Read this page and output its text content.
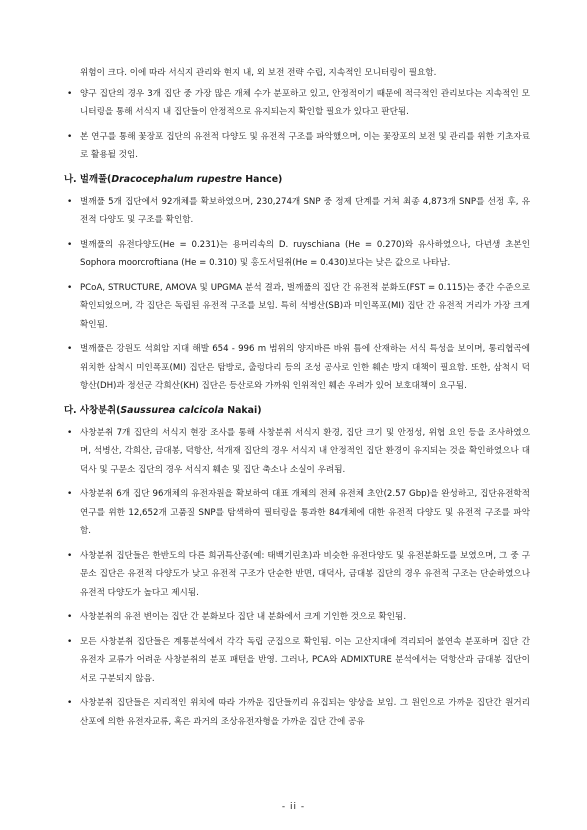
위험이 크다. 이에 따라 서식지 관리와 현지 내, 외 보전 전략 수립, 지속적인 모니터링이 필요함.

• 양구 집단의 경우 3개 집단 중 가장 많은 개체 수가 분포하고 있고, 안정적이기 때문에 적극적인 관리보다는 지속적인 모니터링을 통해 서식지 내 집단들이 안정적으로 유지되는지 확인할 필요가 있다고 판단됨.
• 본 연구를 통해 꽃장포 집단의 유전적 다양도 및 유전적 구조를 파악했으며, 이는 꽃장포의 보전 및 관리를 위한 기초자료로 활용될 것임.
나. 벌깨풀(Dracocephalum rupestre Hance)
• 벌깨풀 5개 집단에서 92개체를 확보하였으며, 230,274개 SNP 중 정제 단계를 거쳐 최종 4,873개 SNP를 선정 후, 유전적 다양도 및 구조를 확인함.
• 벌깨풀의 유전다양도(He = 0.231)는 용머리속의 D. ruyschiana (He = 0.270)와 유사하였으나, 다년생 초본인 Sophora moorcroftiana (He = 0.310) 및 홍도서덜취(He = 0.430)보다는 낮은 값으로 나타남.
• PCoA, STRUCTURE, AMOVA 및 UPGMA 분석 결과, 벌깨풀의 집단 간 유전적 분화도(FST = 0.115)는 중간 수준으로 확인되었으며, 각 집단은 독립된 유전적 구조를 보임. 특히 석병산(SB)과 미인폭포(MI) 집단 간 유전적 거리가 가장 크게 확인됨.
• 벌깨풀은 강원도 석회암 지대 해발 654 - 996 m 범위의 양지바른 바위 틈에 산재하는 서식 특성을 보이며, 통리협곡에 위치한 삼척시 미인폭포(MI) 집단은 탐방로, 출렁다리 등의 조성 공사로 인한 훼손 방지 대책이 필요함. 또한, 삼척시 덕항산(DH)과 정선군 각희산(KH) 집단은 등산로와 가까워 인위적인 훼손 우려가 있어 보호대책이 요구됨.
다. 사창분취(Saussurea calcicola Nakai)
• 사창분취 7개 집단의 서식지 현장 조사를 통해 사창분취 서식지 환경, 집단 크기 및 안정성, 위협 요인 등을 조사하였으며, 석병산, 각희산, 금대봉, 덕항산, 석개재 집단의 경우 서식지 내 안정적인 집단 환경이 유지되는 것을 확인하였으나 대덕사 및 구문소 집단의 경우 서식지 훼손 및 집단 축소나 소실이 우려됨.
• 사창분취 6개 집단 96개체의 유전자원을 확보하여 대표 개체의 전체 유전체 초안(2.57 Gbp)을 완성하고, 집단유전학적 연구를 위한 12,652개 고품질 SNP를 탐색하여 필터링을 통과한 84개체에 대한 유전적 다양도 및 유전적 구조를 파악함.
• 사창분취 집단들은 한반도의 다른 희귀특산종(예: 태백기린초)과 비슷한 유전다양도 및 유전분화도를 보였으며, 그 중 구문소 집단은 유전적 다양도가 낮고 유전적 구조가 단순한 반면, 대덕사, 금대봉 집단의 경우 유전적 구조는 단순하였으나 유전적 다양도가 높다고 제시됨.
• 사창분취의 유전 변이는 집단 간 분화보다 집단 내 분화에서 크게 기인한 것으로 확인됨.
• 모든 사창분취 집단들은 계통분석에서 각각 독립 군집으로 확인됨. 이는 고산지대에 격리되어 불연속 분포하며 집단 간 유전자 교류가 어려운 사창분취의 분포 패턴을 반영. 그러나, PCA와 ADMIXTURE 분석에서는 덕항산과 금대봉 집단이 서로 구분되지 않음.
• 사창분취 집단들은 지리적인 위치에 따라 가까운 집단들끼리 유집되는 양상을 보임. 그 원인으로 가까운 집단간 원거리 산포에 의한 유전자교류, 혹은 과거의 조상유전자형을 가까운 집단 간에 공유
- ii -
